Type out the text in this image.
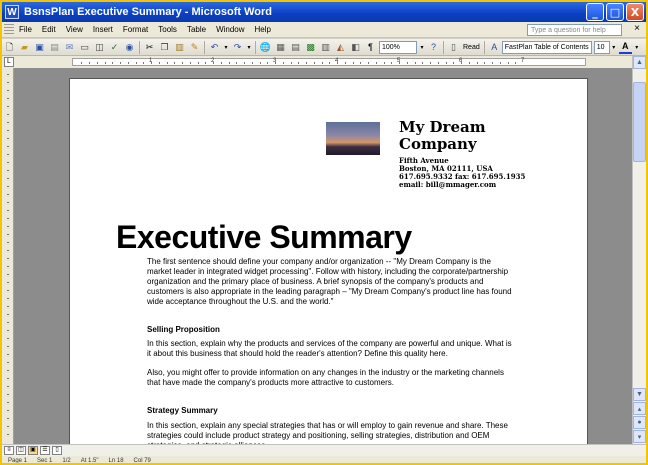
W BsnsPlan Executive Summary - Microsoft Word	_	□ X
File	Edit	View	Insert	Format	Tools	Table	Window	Help	Type a question for help	×
🗋 ▰ ▣ ▤ ✉ ▭ ◫ ✓ ◉	✂ ❐ ▥ ✎	↶	▾ ↷	▾ 🌐 ▦ ▤ ▩ ▥ ◭ ◧ ¶	100%	▾ ?	▯	Read	A	FastPlan Table of Contents	10	▾ A	▾
L	1	2	3	4	5	6	7
My Dream Company
Fifth Avenue
Boston, MA 02111, USA
617.695.9332 fax: 617.695.1935
email: bill@mmager.com
Executive Summary
The first sentence should define your company and/or organization -- "My Dream Company is the market leader in integrated widget processing". Follow with history, including the corporate/partnership organization and the primary place of business. A brief synopsis of the company's products and customers is also appropriate in the leading paragraph – "My Dream Company's product line has found wide acceptance throughout the U.S. and the world."
Selling Proposition
In this section, explain why the products and services of the company are powerful and unique. What is it about this business that should hold the reader's attention? Define this quality here.
Also, you might offer to provide information on any changes in the industry or the marketing channels that have made the company's products more attractive to customers.
Strategy Summary
In this section, explain any special strategies that has or will employ to gain revenue and share. These strategies could include product strategy and positioning, selling strategies, distribution and OEM
▲
▼
▴
●
▾
≡	◫	▣	☰	▯
Page 1 Sec 1 1/2 At 1.5" Ln 18 Col 79
